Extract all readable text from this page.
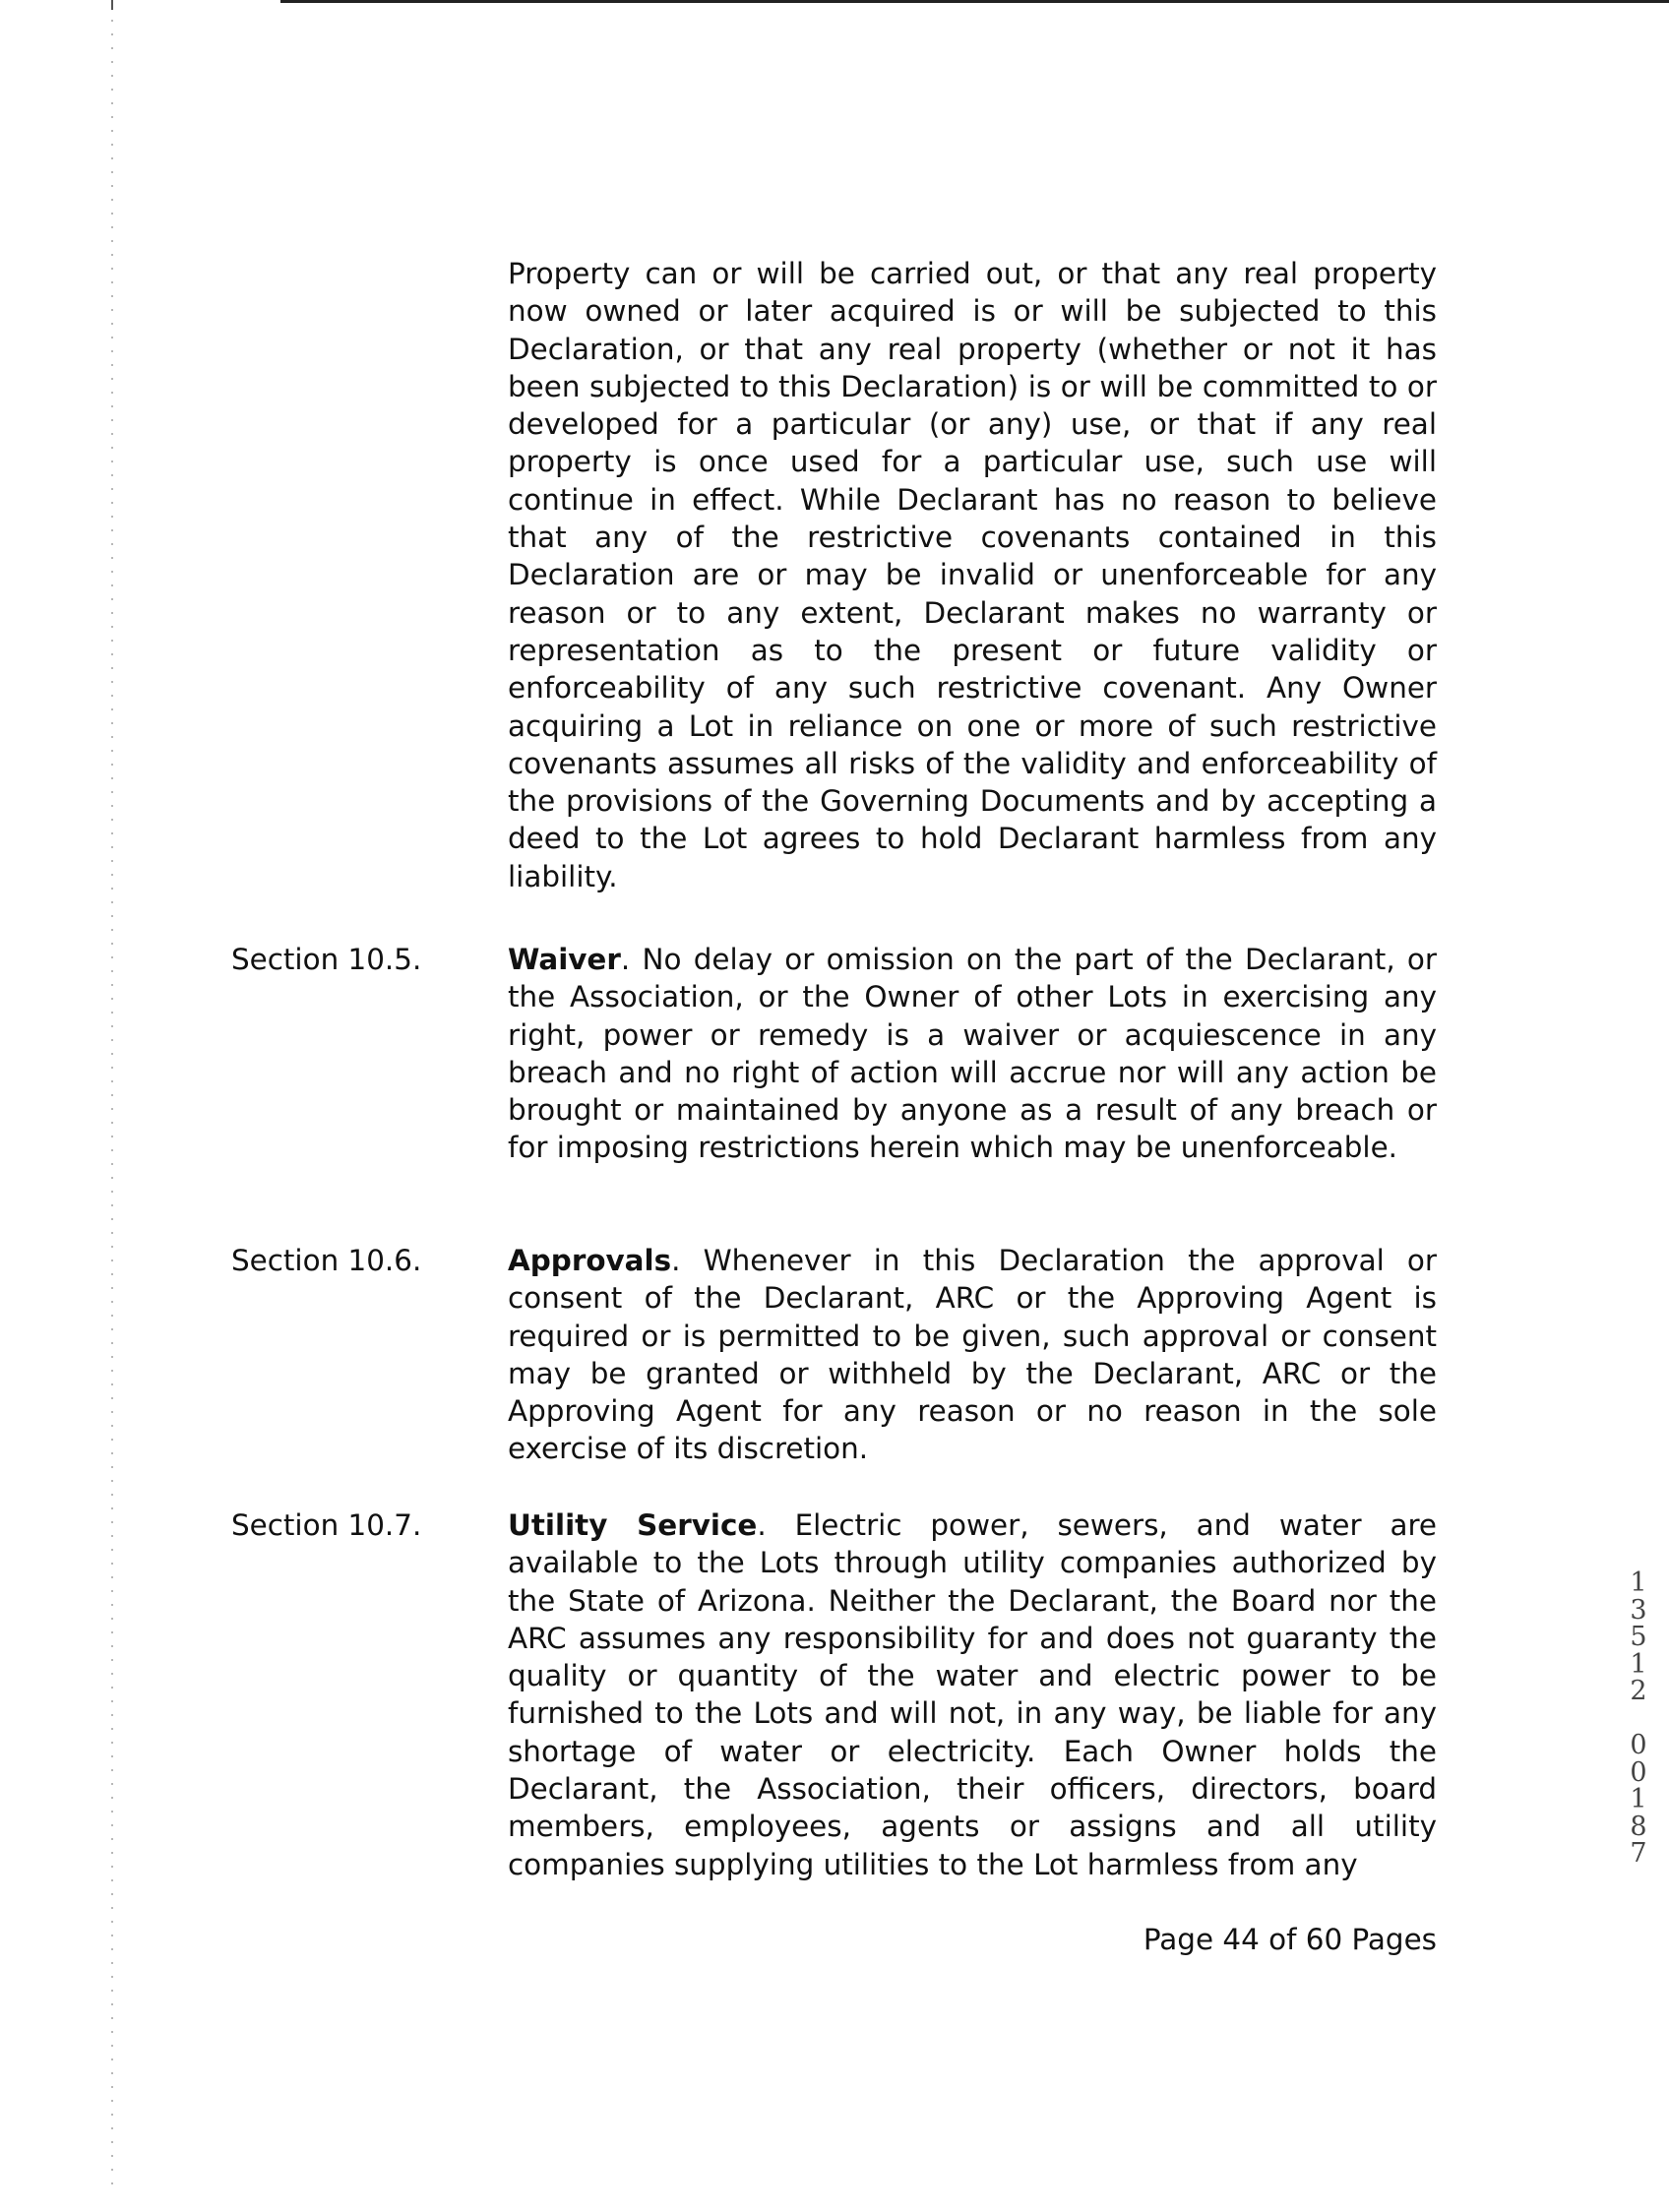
Property can or will be carried out, or that any real property now owned or later acquired is or will be subjected to this Declaration, or that any real property (whether or not it has been subjected to this Declaration) is or will be committed to or developed for a particular (or any) use, or that if any real property is once used for a particular use, such use will continue in effect. While Declarant has no reason to believe that any of the restrictive covenants contained in this Declaration are or may be invalid or unenforceable for any reason or to any extent, Declarant makes no warranty or representation as to the present or future validity or enforceability of any such restrictive covenant. Any Owner acquiring a Lot in reliance on one or more of such restrictive covenants assumes all risks of the validity and enforceability of the provisions of the Governing Documents and by accepting a deed to the Lot agrees to hold Declarant harmless from any liability.

Section 10.5.	Waiver. No delay or omission on the part of the Declarant, or the Association, or the Owner of other Lots in exercising any right, power or remedy is a waiver or acquiescence in any breach and no right of action will accrue nor will any action be brought or maintained by anyone as a result of any breach or for imposing restrictions herein which may be unenforceable.

Section 10.6.	Approvals. Whenever in this Declaration the approval or consent of the Declarant, ARC or the Approving Agent is required or is permitted to be given, such approval or consent may be granted or withheld by the Declarant, ARC or the Approving Agent for any reason or no reason in the sole exercise of its discretion.

Section 10.7.	Utility Service. Electric power, sewers, and water are available to the Lots through utility companies authorized by the State of Arizona. Neither the Declarant, the Board nor the ARC assumes any responsibility for and does not guaranty the quality or quantity of the water and electric power to be furnished to the Lots and will not, in any way, be liable for any shortage of water or electricity. Each Owner holds the Declarant, the Association, their officers, directors, board members, employees, agents or assigns and all utility companies supplying utilities to the Lot harmless from any

Page 44 of 60 Pages
1
3
5
1
2

0
0
1
8
7
